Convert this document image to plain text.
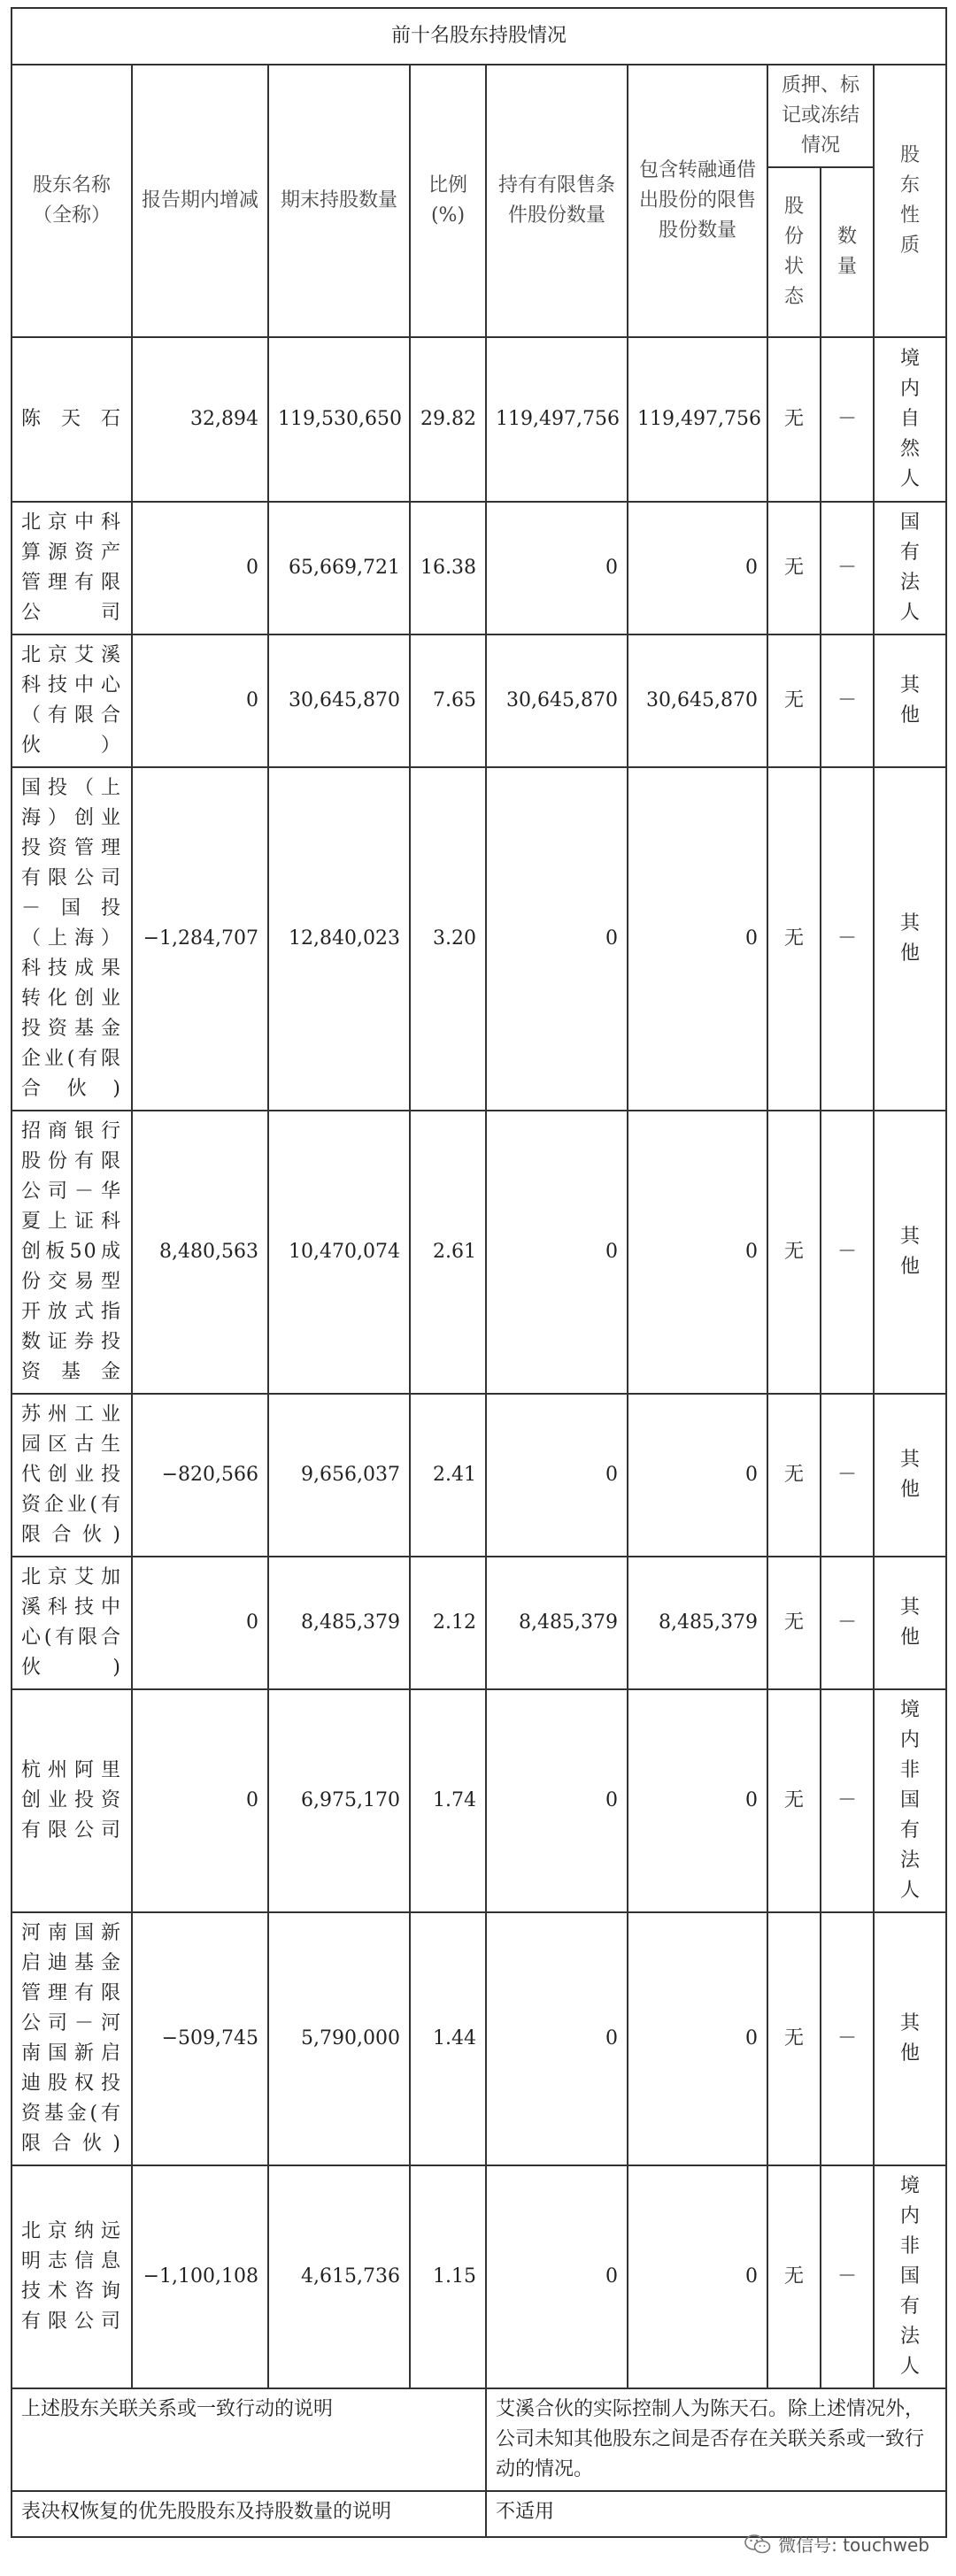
前十名股东持股情况								
股东名称（全称）	报告期内增减	期末持股数量	比例(%)	持有有限售条件股份数量	包含转融通借出股份的限售股份数量	质押、标记或冻结情况		股东性质

						股份状态	数量	

陈天石	32,894	119,530,650	29.82	119,497,756	119,497,756	无	－	境内自然人

北京中科算源资产管理有限公司	0	65,669,721	16.38	0	0	无	－	国有法人

北京艾溪科技中心（有限合伙）	0	30,645,870	7.65	30,645,870	30,645,870	无	－	其他

国投（上海）创业投资管理有限公司－国投（上海）科技成果转化创业投资基金企业(有限合伙)	−1,284,707	12,840,023	3.20	0	0	无	－	其他

招商银行股份有限公司－华夏上证科创板50成份交易型开放式指数证券投资基金	8,480,563	10,470,074	2.61	0	0	无	－	其他

苏州工业园区古生代创业投资企业(有限合伙)	−820,566	9,656,037	2.41	0	0	无	－	其他

北京艾加溪科技中心(有限合伙)	0	8,485,379	2.12	8,485,379	8,485,379	无	－	其他

杭州阿里创业投资有限公司	0	6,975,170	1.74	0	0	无	－	境内非国有法人

河南国新启迪基金管理有限公司－河南国新启迪股权投资基金(有限合伙)	−509,745	5,790,000	1.44	0	0	无	－	其他

北京纳远明志信息技术咨询有限公司	−1,100,108	4,615,736	1.15	0	0	无	－	境内非国有法人

上述股东关联关系或一致行动的说明				艾溪合伙的实际控制人为陈天石。除上述情况外，公司未知其他股东之间是否存在关联关系或一致行动的情况。				
表决权恢复的优先股股东及持股数量的说明				不适用				
微信号: touchweb
